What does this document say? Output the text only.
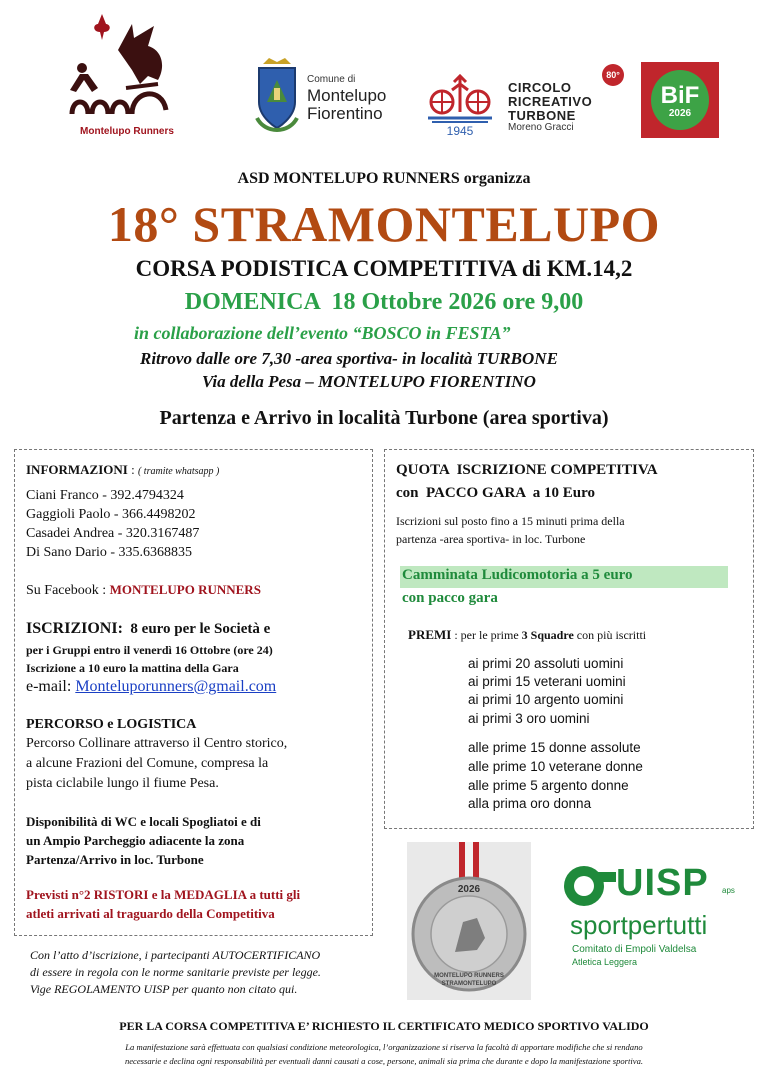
Montelupo Runners
Comune di
Montelupo
Fiorentino
1945
CIRCOLO
RICREATIVO
TURBONE
Moreno Gracci
80°
BiF
2026
ASD MONTELUPO RUNNERS organizza
18° STRAMONTELUPO
CORSA PODISTICA COMPETITIVA di KM.14,2
DOMENICA  18 Ottobre 2026 ore 9,00
in collaborazione dell’evento “BOSCO in FESTA”
Ritrovo dalle ore 7,30 -area sportiva- in località TURBONE
Via della Pesa – MONTELUPO FIORENTINO
Partenza e Arrivo in località Turbone (area sportiva)
INFORMAZIONI : ( tramite whatsapp )
Ciani Franco - 392.4794324
Gaggioli Paolo - 366.4498202
Casadei Andrea - 320.3167487
Di Sano Dario - 335.6368835
Su Facebook : MONTELUPO RUNNERS
ISCRIZIONI:  8 euro per le Società e
per i Gruppi entro il venerdì 16 Ottobre (ore 24)
Iscrizione a 10 euro la mattina della Gara
e-mail: Monteluporunners@gmail.com
PERCORSO e LOGISTICA
Percorso Collinare attraverso il Centro storico,
a alcune Frazioni del Comune, compresa la
pista ciclabile lungo il fiume Pesa.
Disponibilità di WC e locali Spogliatoi e di
un Ampio Parcheggio adiacente la zona
Partenza/Arrivo in loc. Turbone
Previsti n°2 RISTORI e la MEDAGLIA a tutti gli
atleti arrivati al traguardo della Competitiva
QUOTA  ISCRIZIONE COMPETITIVA
con  PACCO GARA  a 10 Euro
Iscrizioni sul posto fino a 15 minuti prima della
partenza -area sportiva- in loc. Turbone
Camminata Ludicomotoria a 5 euro
con pacco gara
PREMI : per le prime 3 Squadre con più iscritti
ai primi 20 assoluti uomini
ai primi 15 veterani uomini
ai primi 10 argento uomini
ai primi 3 oro uomini
alle prime 15 donne assolute
alle prime 10 veterane donne
alle prime 5 argento donne
alla prima oro donna
2026
MONTELUPO RUNNERS STRAMONTELUPO
UISP aps
sportpertutti
Comitato di Empoli Valdelsa
Atletica Leggera
Con l’atto d’iscrizione, i partecipanti AUTOCERTIFICANO
di essere in regola con le norme sanitarie previste per legge.
Vige REGOLAMENTO UISP per quanto non citato qui.
PER LA CORSA COMPETITIVA E’ RICHIESTO IL CERTIFICATO MEDICO SPORTIVO VALIDO
La manifestazione sarà effettuata con qualsiasi condizione meteorologica, l’organizzazione si riserva la facoltà di apportare modifiche che si rendano
necessarie e declina ogni responsabilità per eventuali danni causati a cose, persone, animali sia prima che durante e dopo la manifestazione sportiva.
